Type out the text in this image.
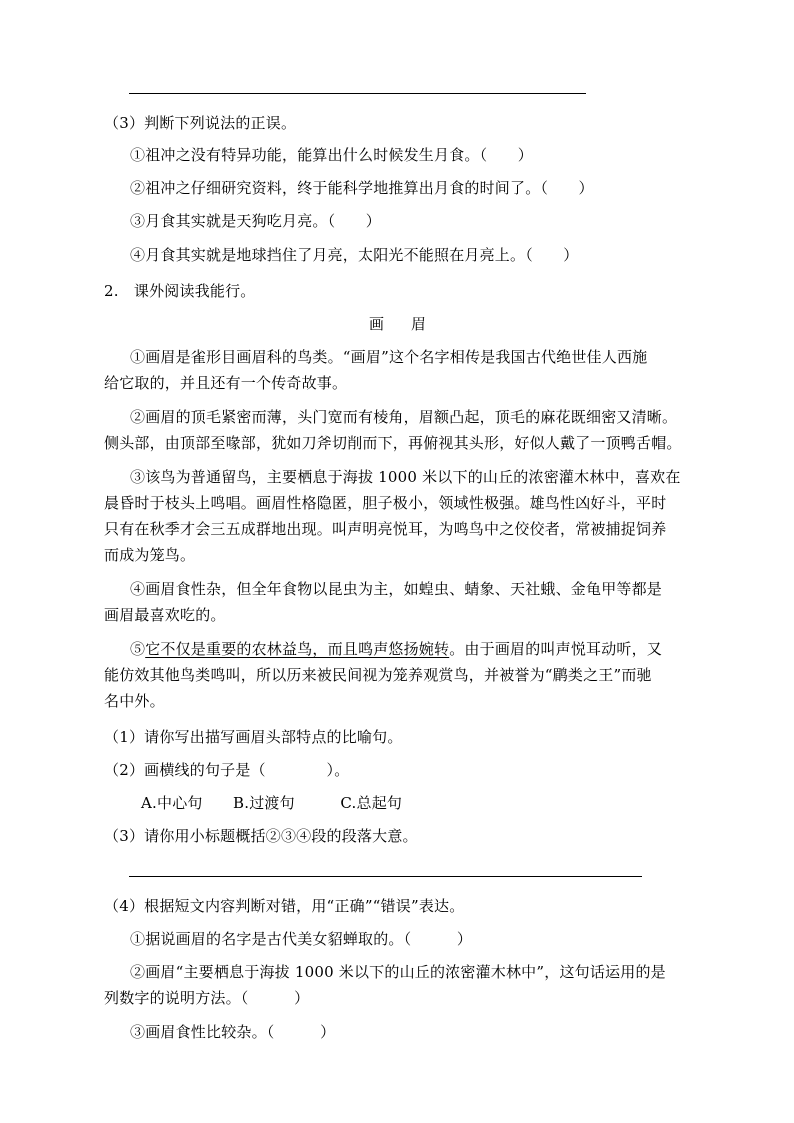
（3）判断下列说法的正误。
①祖冲之没有特异功能，能算出什么时候发生月食。（　　）
②祖冲之仔细研究资料，终于能科学地推算出月食的时间了。（　　）
③月食其实就是天狗吃月亮。（　　）
④月食其实就是地球挡住了月亮，太阳光不能照在月亮上。（　　）
2.　课外阅读我能行。
画 眉
①画眉是雀形目画眉科的鸟类。“画眉”这个名字相传是我国古代绝世佳人西施
给它取的，并且还有一个传奇故事。
②画眉的顶毛紧密而薄，头门宽而有棱角，眉额凸起，顶毛的麻花既细密又清晰。
侧头部，由顶部至喙部，犹如刀斧切削而下，再俯视其头形，好似人戴了一顶鸭舌帽。
③该鸟为普通留鸟，主要栖息于海拔 1000 米以下的山丘的浓密灌木林中，喜欢在
晨昏时于枝头上鸣唱。画眉性格隐匿，胆子极小，领域性极强。雄鸟性凶好斗，平时
只有在秋季才会三五成群地出现。叫声明亮悦耳，为鸣鸟中之佼佼者，常被捕捉饲养
而成为笼鸟。
④画眉食性杂，但全年食物以昆虫为主，如蝗虫、蜻象、天社蛾、金龟甲等都是
画眉最喜欢吃的。
⑤它不仅是重要的农林益鸟，而且鸣声悠扬婉转。由于画眉的叫声悦耳动听，又
能仿效其他鸟类鸣叫，所以历来被民间视为笼养观赏鸟，并被誉为“鹛类之王”而驰
名中外。
（1）请你写出描写画眉头部特点的比喻句。
（2）画横线的句子是（　　　　）。
A.中心句　　B.过渡句　　　C.总起句
（3）请你用小标题概括②③④段的段落大意。
（4）根据短文内容判断对错，用“正确”“错误”表达。
①据说画眉的名字是古代美女貂蝉取的。（　　　）
②画眉“主要栖息于海拔 1000 米以下的山丘的浓密灌木林中”，这句话运用的是
列数字的说明方法。（　　　）
③画眉食性比较杂。（　　　）
